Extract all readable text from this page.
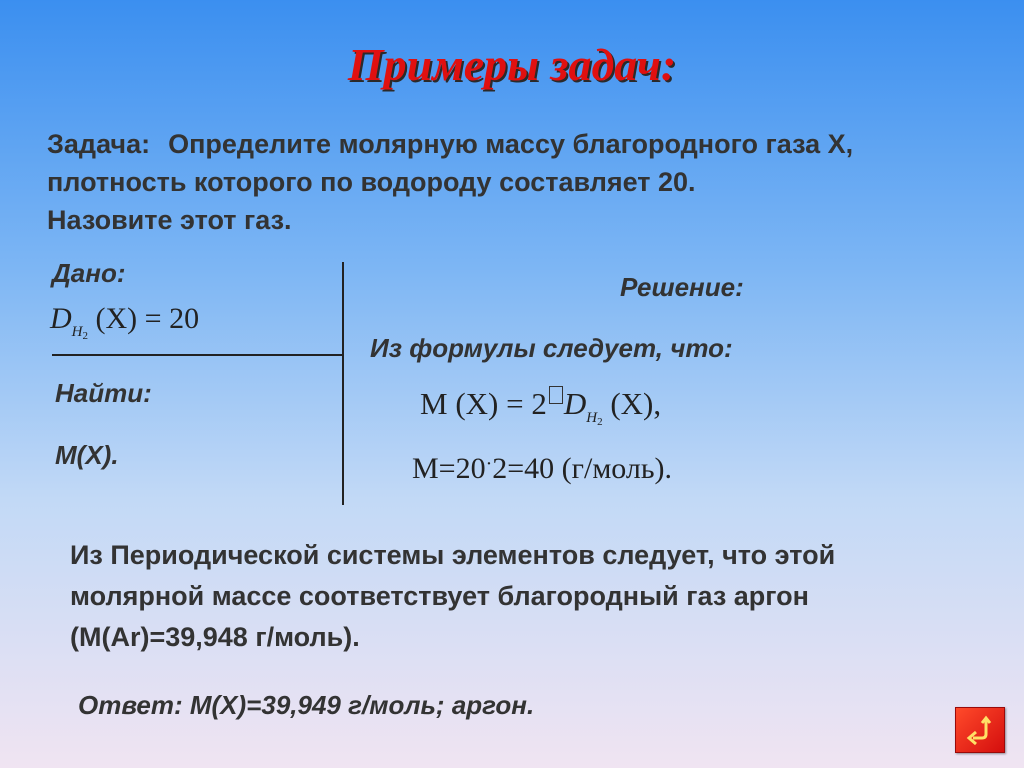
Примеры задач:
Задача: Определите молярную массу благородного газа X,
плотность которого по водороду составляет 20.
Назовите этот газ.
Дано:
$D_{H_2}$ (X) = 20
Найти:
M(X).
Решение:
Из формулы следует, что:
M (X) = 2 $D_{H_2}$ (X),
M=20·2=40 (г/моль).
Из Периодической системы элементов следует, что этой
молярной массе соответствует благородный газ аргон
(M(Ar)=39,948 г/моль).
Ответ: M(X)=39,949 г/моль; аргон.
